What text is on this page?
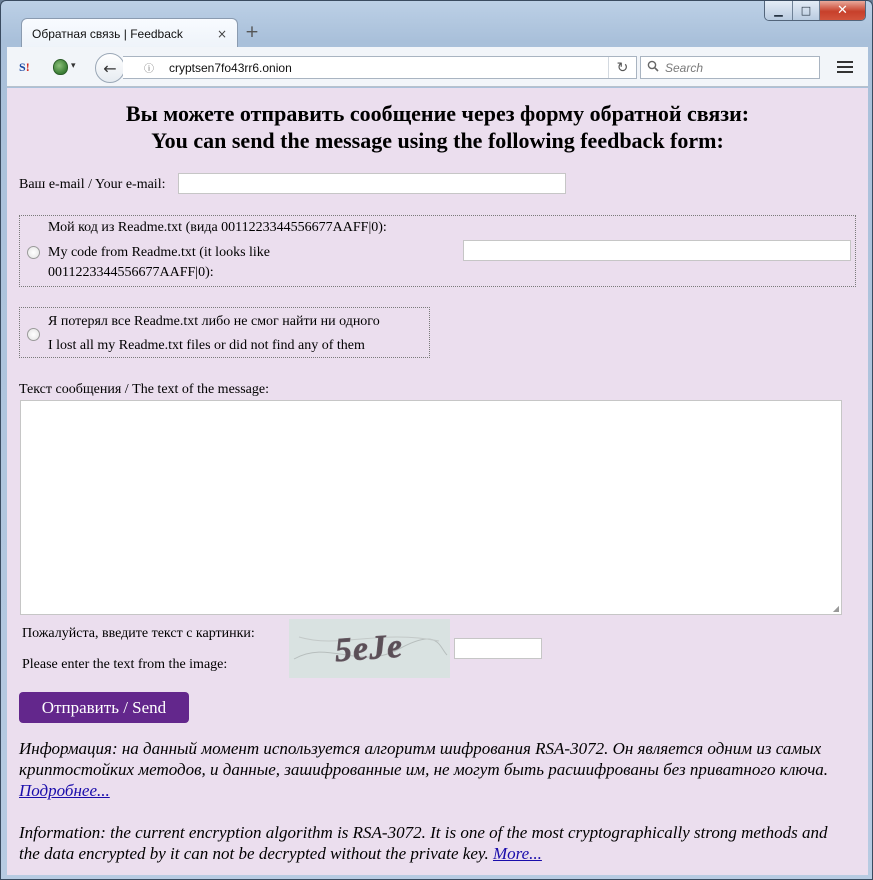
▁	□	✕
Обратная связь | Feedback	× +
S!	▾ ←	ⓘ	cryptsen7fo43rr6.onion	↻	Search
Вы можете отправить сообщение через форму обратной связи:
You can send the message using the following feedback form:
Ваш e-mail / Your e-mail:
Мой код из Readme.txt (вида 0011223344556677AAFF|0):
My code from Readme.txt (it looks like
0011223344556677AAFF|0):
Я потерял все Readme.txt либо не смог найти ни одного
I lost all my Readme.txt files or did not find any of them
Текст сообщения / The text of the message:
◢
Пожалуйста, введите текст с картинки:
Please enter the text from the image:	5eJe
Отправить / Send
Информация: на данный момент используется алгоритм шифрования RSA-3072. Он является одним из самых криптостойких методов, и данные, зашифрованные им, не могут быть расшифрованы без приватного ключа. Подробнее...
Information: the current encryption algorithm is RSA-3072. It is one of the most cryptographically strong methods and the data encrypted by it can not be decrypted without the private key. More...
